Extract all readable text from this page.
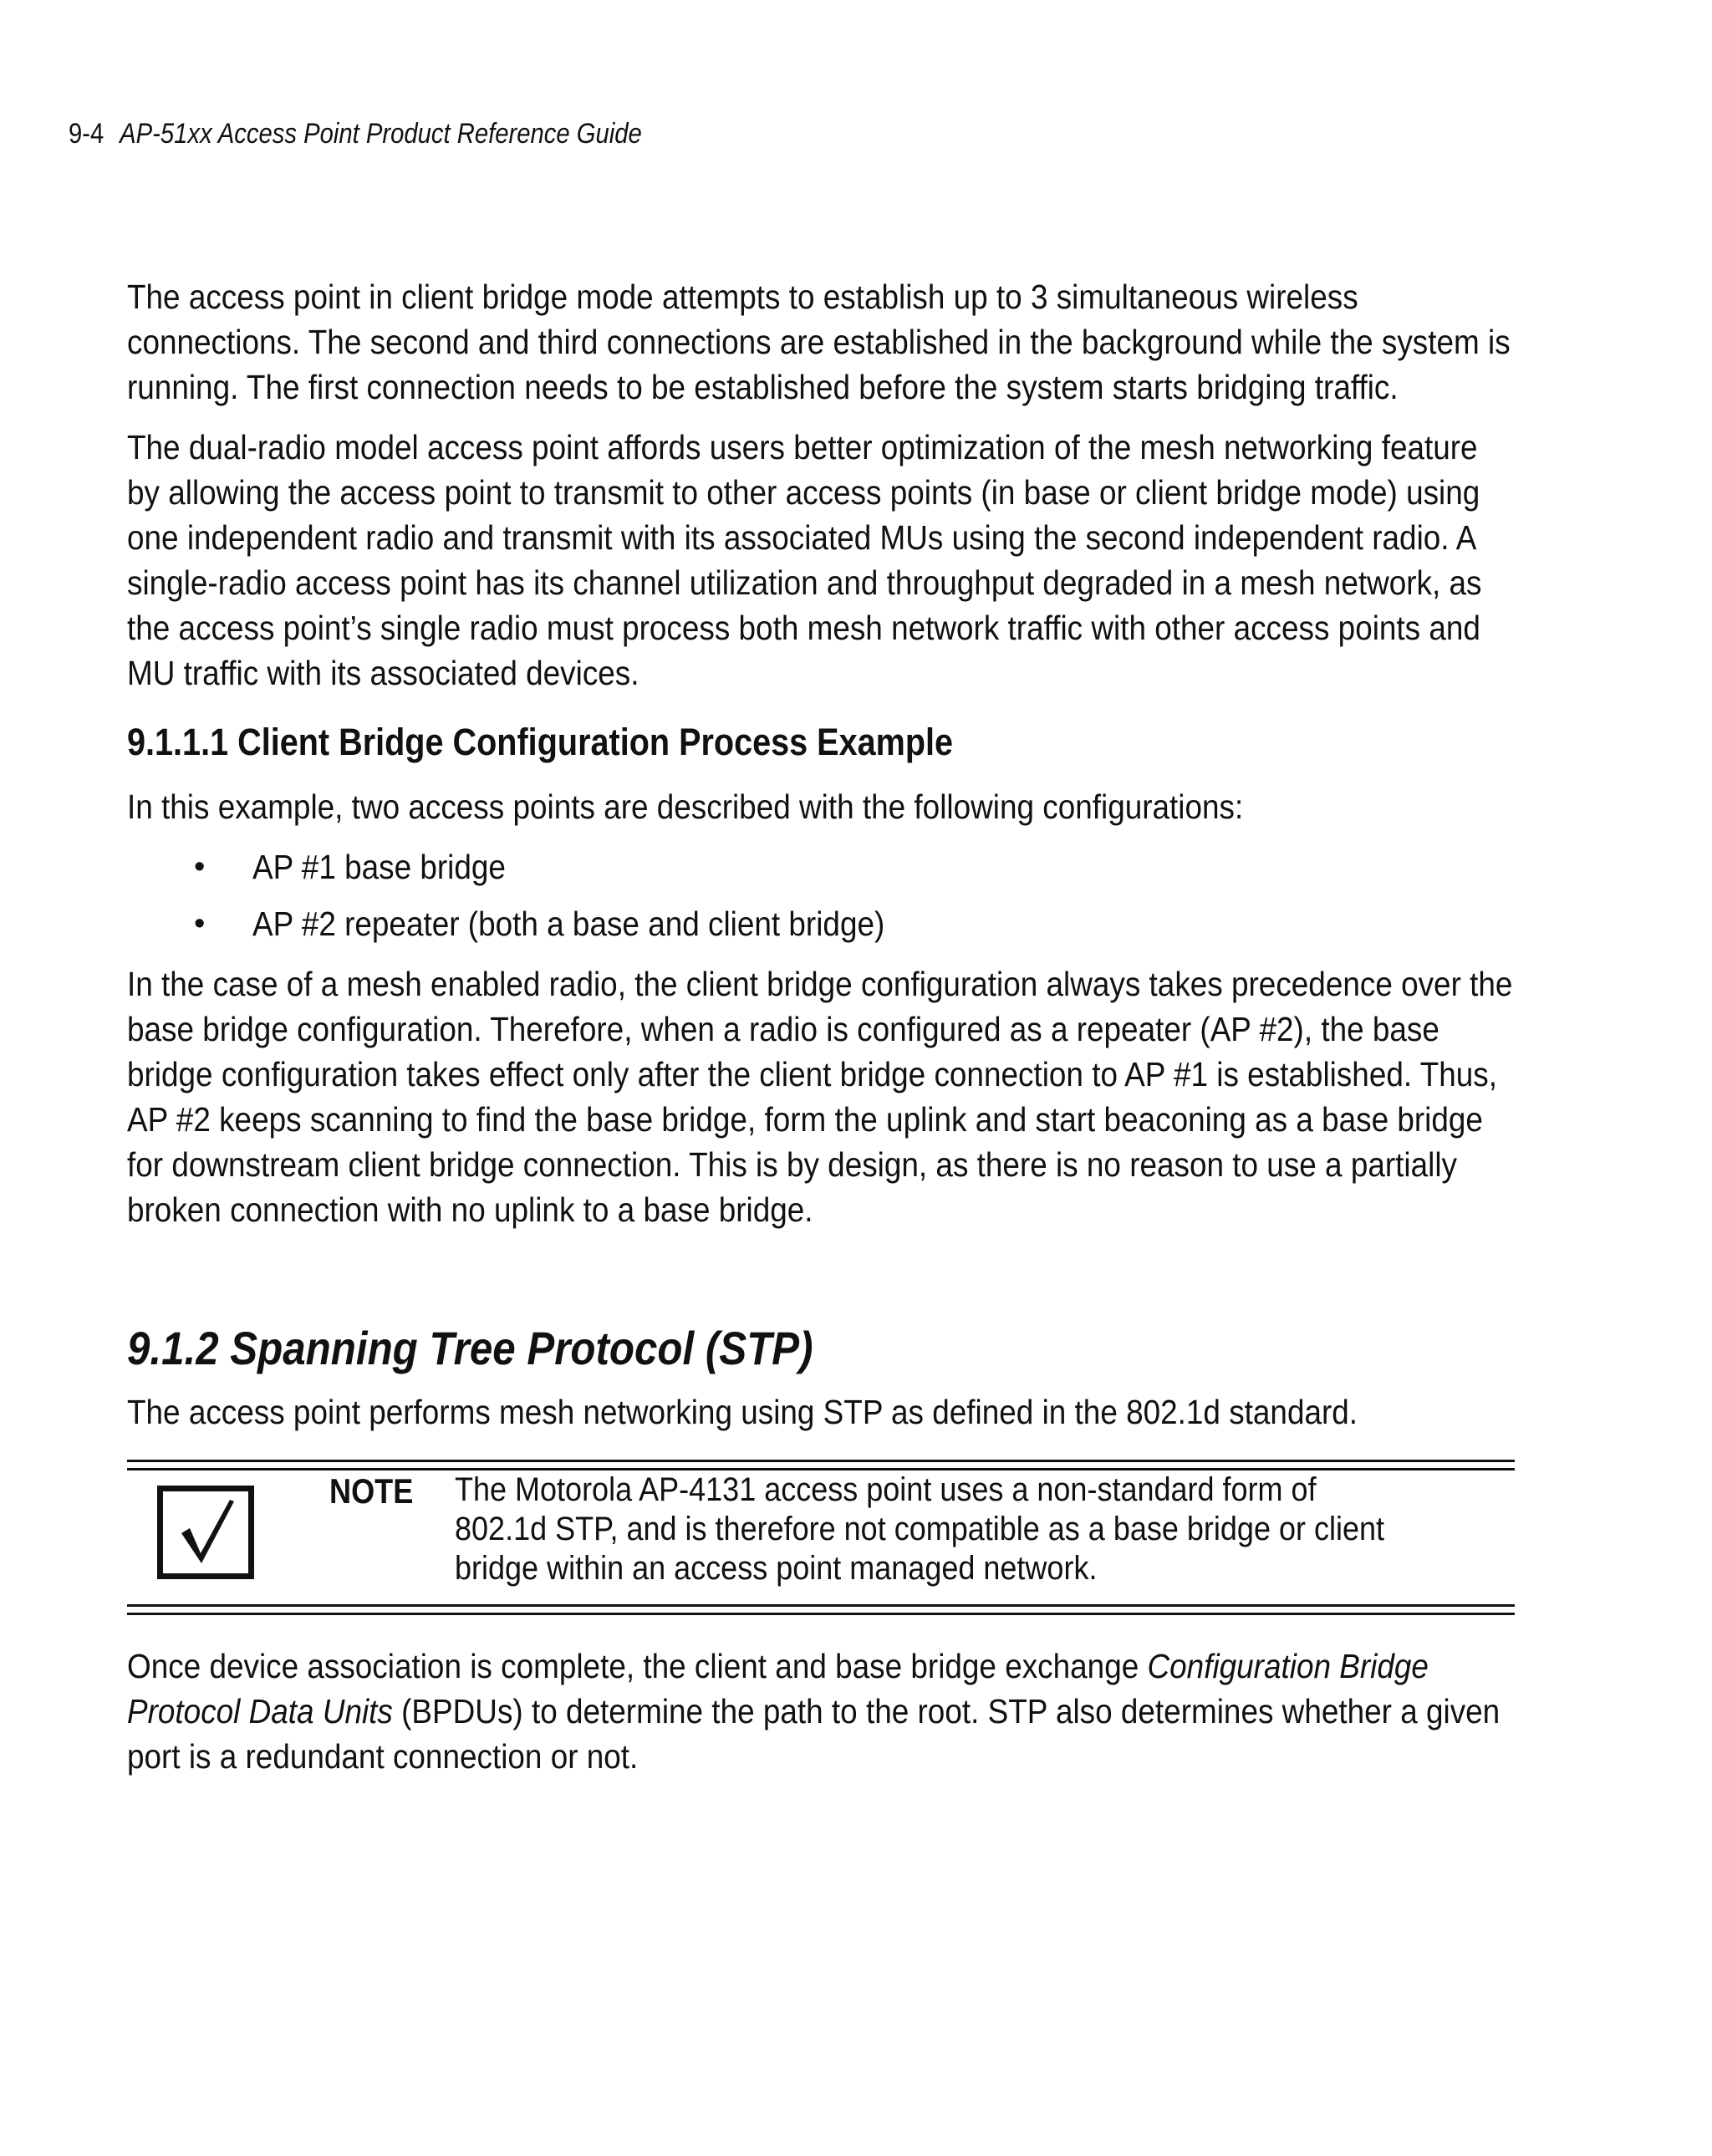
9-4 AP-51xx Access Point Product Reference Guide

The access point in client bridge mode attempts to establish up to 3 simultaneous wireless connections. The second and third connections are established in the background while the system is running. The first connection needs to be established before the system starts bridging traffic.

The dual-radio model access point affords users better optimization of the mesh networking feature by allowing the access point to transmit to other access points (in base or client bridge mode) using one independent radio and transmit with its associated MUs using the second independent radio. A single-radio access point has its channel utilization and throughput degraded in a mesh network, as the access point’s single radio must process both mesh network traffic with other access points and MU traffic with its associated devices.

9.1.1.1 Client Bridge Configuration Process Example

In this example, two access points are described with the following configurations:

• AP #1 base bridge
• AP #2 repeater (both a base and client bridge)

In the case of a mesh enabled radio, the client bridge configuration always takes precedence over the base bridge configuration. Therefore, when a radio is configured as a repeater (AP #2), the base bridge configuration takes effect only after the client bridge connection to AP #1 is established. Thus, AP #2 keeps scanning to find the base bridge, form the uplink and start beaconing as a base bridge for downstream client bridge connection. This is by design, as there is no reason to use a partially broken connection with no uplink to a base bridge.

9.1.2 Spanning Tree Protocol (STP)

The access point performs mesh networking using STP as defined in the 802.1d standard.

NOTE The Motorola AP-4131 access point uses a non-standard form of 802.1d STP, and is therefore not compatible as a base bridge or client bridge within an access point managed network.

Once device association is complete, the client and base bridge exchange Configuration Bridge Protocol Data Units (BPDUs) to determine the path to the root. STP also determines whether a given port is a redundant connection or not.
